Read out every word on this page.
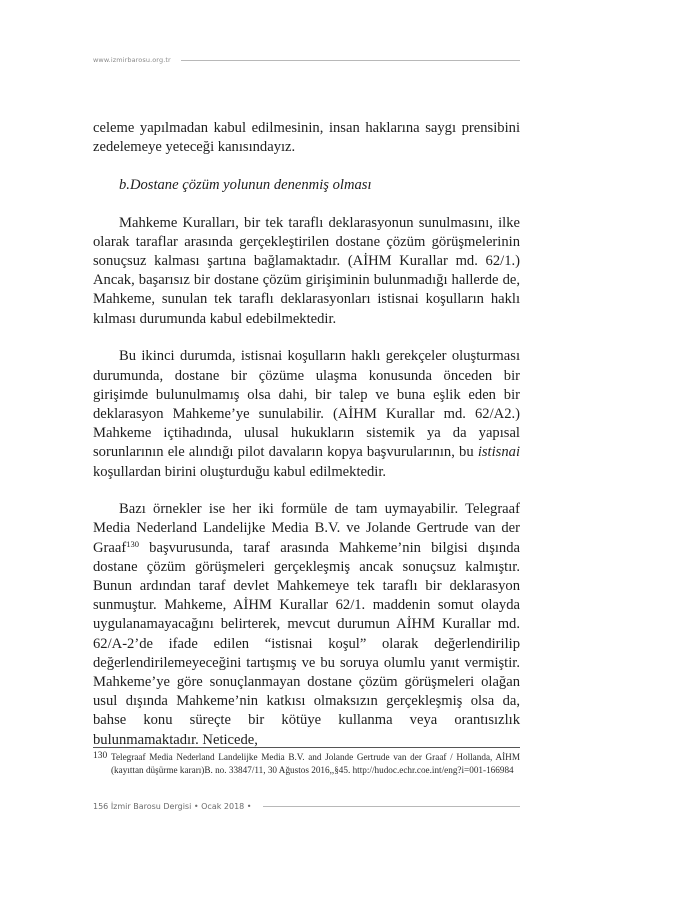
www.izmirbarosu.org.tr

celeme yapılmadan kabul edilmesinin, insan haklarına saygı prensibini zedelemeye yeteceği kanısındayız.

b.Dostane çözüm yolunun denenmiş olması

Mahkeme Kuralları, bir tek taraflı deklarasyonun sunulmasını, ilke olarak taraflar arasında gerçekleştirilen dostane çözüm görüşmelerinin sonuçsuz kalması şartına bağlamaktadır. (AİHM Kurallar md. 62/1.) Ancak, başarısız bir dostane çözüm girişiminin bulunmadığı hallerde de, Mahkeme, sunulan tek taraflı deklarasyonları istisnai koşulların haklı kılması durumunda kabul edebilmektedir.

Bu ikinci durumda, istisnai koşulların haklı gerekçeler oluşturması durumunda, dostane bir çözüme ulaşma konusunda önceden bir girişimde bulunulmamış olsa dahi, bir talep ve buna eşlik eden bir deklarasyon Mahkeme’ye sunulabilir. (AİHM Kurallar md. 62/A2.) Mahkeme içtihadında, ulusal hukukların sistemik ya da yapısal sorunlarının ele alındığı pilot davaların kopya başvurularının, bu istisnai koşullardan birini oluşturduğu kabul edilmektedir.

Bazı örnekler ise her iki formüle de tam uymayabilir. Telegraaf Media Nederland Landelijke Media B.V. ve Jolande Gertrude van der Graaf$^{130}$ başvurusunda, taraf arasında Mahkeme’nin bilgisi dışında dostane çözüm görüşmeleri gerçekleşmiş ancak sonuçsuz kalmıştır. Bunun ardından taraf devlet Mahkemeye tek taraflı bir deklarasyon sunmuştur. Mahkeme, AİHM Kurallar 62/1. maddenin somut olayda uygulanamayacağını belirterek, mevcut durumun AİHM Kurallar md. 62/A-2’de ifade edilen “istisnai koşul” olarak değerlendirilip değerlendirilemeyeceğini tartışmış ve bu soruya olumlu yanıt vermiştir. Mahkeme’ye göre sonuçlanmayan dostane çözüm görüşmeleri olağan usul dışında Mahkeme’nin katkısı olmaksızın gerçekleşmiş olsa da, bahse konu süreçte bir kötüye kullanma veya orantısızlık bulunmamaktadır. Neticede,

130 Telegraaf Media Nederland Landelijke Media B.V. and Jolande Gertrude van der Graaf / Hollanda, AİHM (kayıttan düşürme kararı)B. no. 33847/11, 30 Ağustos 2016,,§45. http://hudoc.echr.coe.int/eng?i=001-166984
156 İzmir Barosu Dergisi • Ocak 2018 •
